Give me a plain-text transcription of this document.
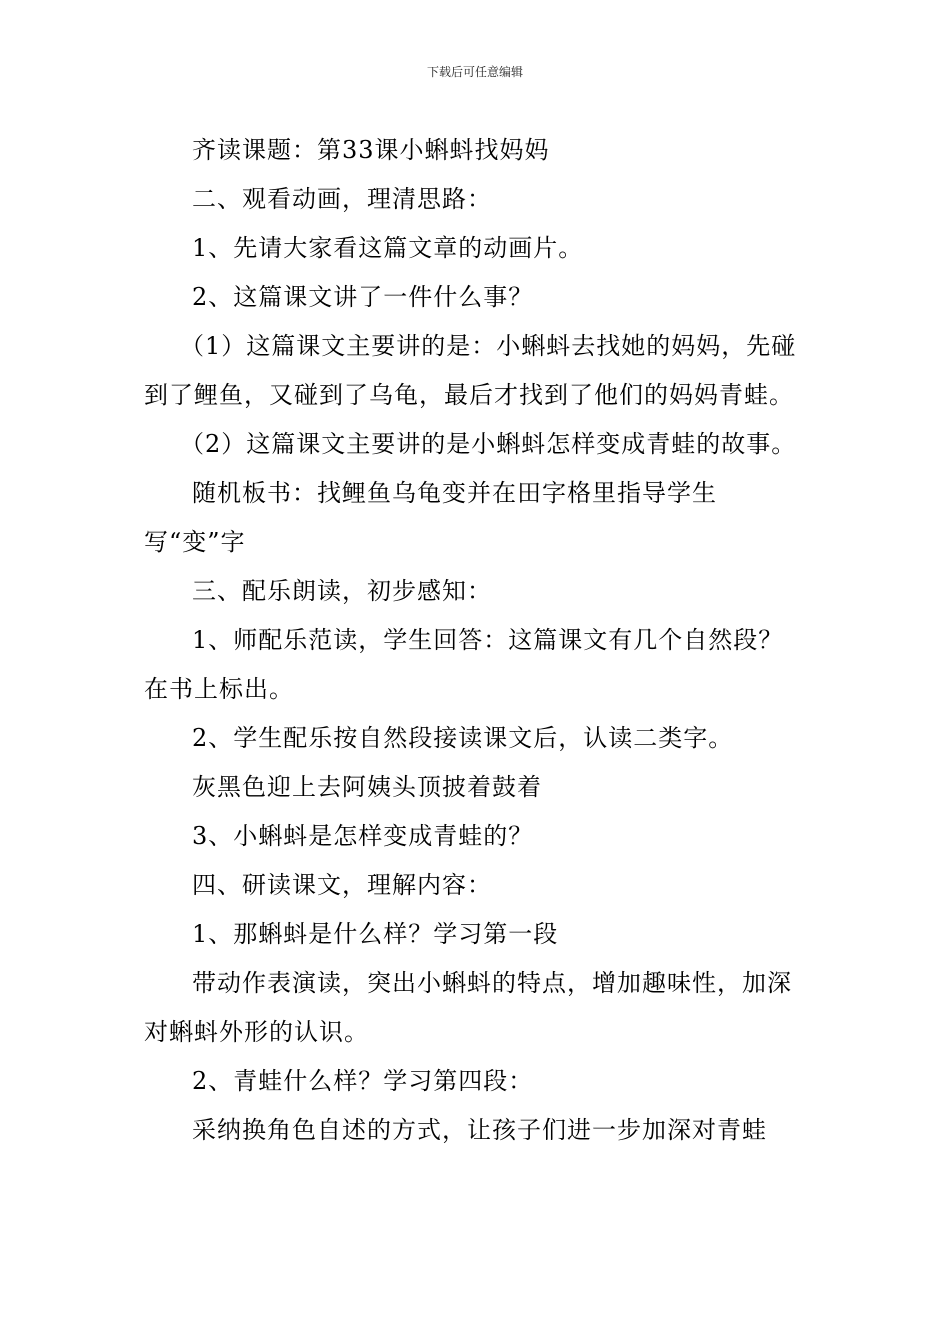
下载后可任意编辑

齐读课题：第33课小蝌蚪找妈妈

二、观看动画，理清思路：

1、先请大家看这篇文章的动画片。

2、这篇课文讲了一件什么事？

（1）这篇课文主要讲的是：小蝌蚪去找她的妈妈，先碰到了鲤鱼，又碰到了乌龟，最后才找到了他们的妈妈青蛙。

（2）这篇课文主要讲的是小蝌蚪怎样变成青蛙的故事。

随机板书：找鲤鱼乌龟变并在田字格里指导学生写“变”字

三、配乐朗读，初步感知：

1、师配乐范读，学生回答：这篇课文有几个自然段？在书上标出。

2、学生配乐按自然段接读课文后，认读二类字。

灰黑色迎上去阿姨头顶披着鼓着

3、小蝌蚪是怎样变成青蛙的？

四、研读课文，理解内容：

1、那蝌蚪是什么样？学习第一段

带动作表演读，突出小蝌蚪的特点，增加趣味性，加深对蝌蚪外形的认识。

2、青蛙什么样？学习第四段：

采纳换角色自述的方式，让孩子们进一步加深对青蛙
